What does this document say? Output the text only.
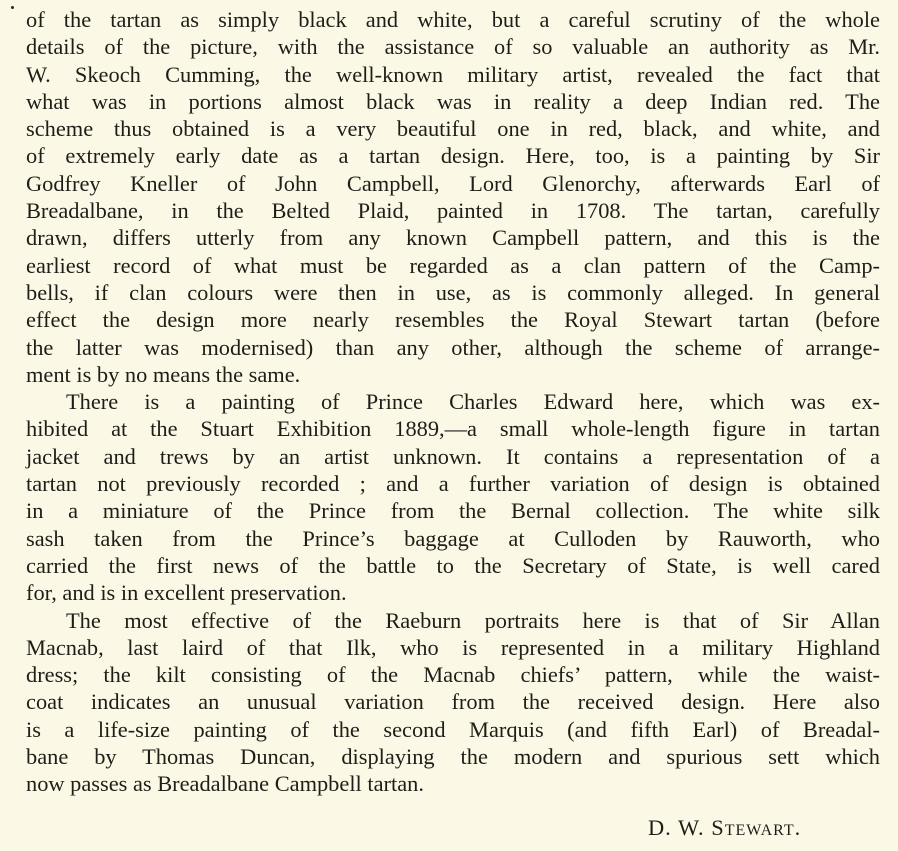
of the tartan as simply black and white, but a careful scrutiny of the whole
details of the picture, with the assistance of so valuable an authority as Mr.
W. Skeoch Cumming, the well-known military artist, revealed the fact that
what was in portions almost black was in reality a deep Indian red. The
scheme thus obtained is a very beautiful one in red, black, and white, and
of extremely early date as a tartan design. Here, too, is a painting by Sir
Godfrey Kneller of John Campbell, Lord Glenorchy, afterwards Earl of
Breadalbane, in the Belted Plaid, painted in 1708. The tartan, carefully
drawn, differs utterly from any known Campbell pattern, and this is the
earliest record of what must be regarded as a clan pattern of the Camp-
bells, if clan colours were then in use, as is commonly alleged. In general
effect the design more nearly resembles the Royal Stewart tartan (before
the latter was modernised) than any other, although the scheme of arrange-
ment is by no means the same.
There is a painting of Prince Charles Edward here, which was ex-
hibited at the Stuart Exhibition 1889,—a small whole-length figure in tartan
jacket and trews by an artist unknown. It contains a representation of a
tartan not previously recorded ; and a further variation of design is obtained
in a miniature of the Prince from the Bernal collection. The white silk
sash taken from the Prince’s baggage at Culloden by Rauworth, who
carried the first news of the battle to the Secretary of State, is well cared
for, and is in excellent preservation.
The most effective of the Raeburn portraits here is that of Sir Allan
Macnab, last laird of that Ilk, who is represented in a military Highland
dress; the kilt consisting of the Macnab chiefs’ pattern, while the waist-
coat indicates an unusual variation from the received design. Here also
is a life-size painting of the second Marquis (and fifth Earl) of Breadal-
bane by Thomas Duncan, displaying the modern and spurious sett which
now passes as Breadalbane Campbell tartan.
D. W. Stewart.
